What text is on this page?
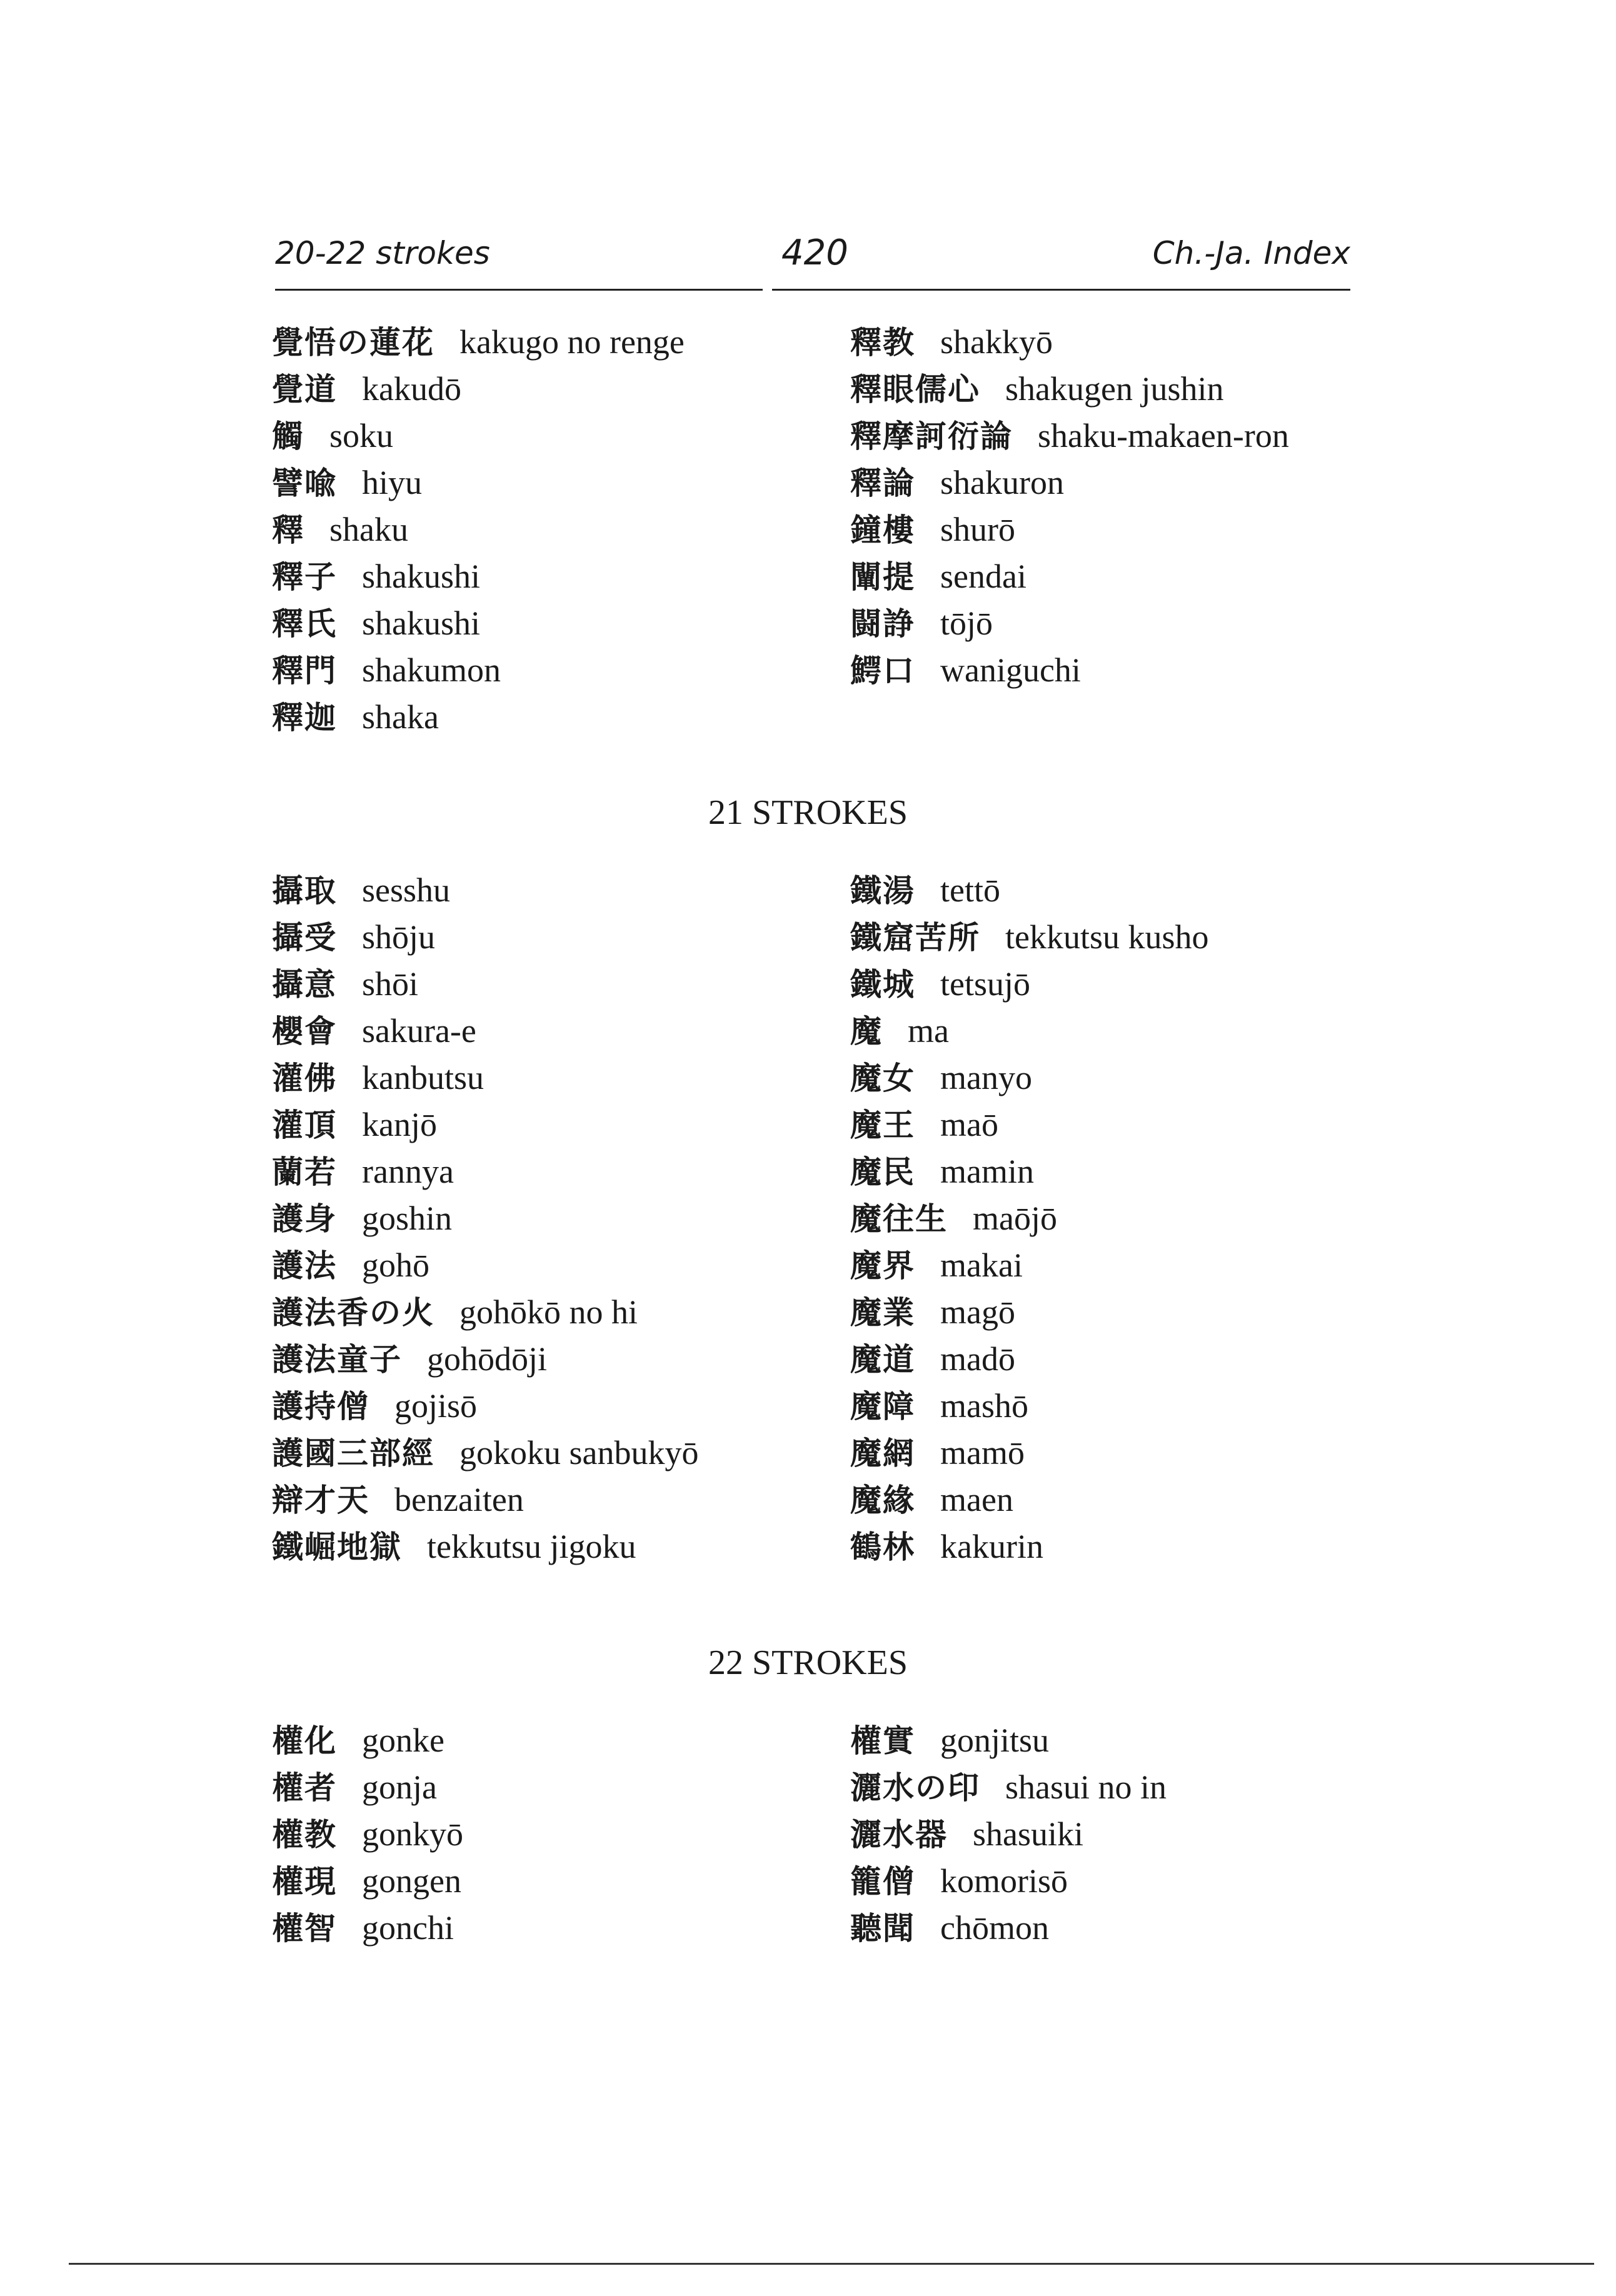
20-22 strokes	420	Ch.-Ja. Index
覺悟の蓮花 kakugo no renge
覺道 kakudō
觸 soku
譬喩 hiyu
釋 shaku
釋子 shakushi
釋氏 shakushi
釋門 shakumon
釋迦 shaka
釋教 shakkyō
釋眼儒心 shakugen jushin
釋摩訶衍論 shaku-makaen-ron
釋論 shakuron
鐘樓 shurō
闡提 sendai
闘諍 tōjō
鰐口 waniguchi
21 STROKES
攝取 sesshu
攝受 shōju
攝意 shōi
櫻會 sakura-e
灌佛 kanbutsu
灌頂 kanjō
蘭若 rannya
護身 goshin
護法 gohō
護法香の火 gohōkō no hi
護法童子 gohōdōji
護持僧 gojisō
護國三部經 gokoku sanbukyō
辯才天 benzaiten
鐵崛地獄 tekkutsu jigoku
鐵湯 tettō
鐵窟苦所 tekkutsu kusho
鐵城 tetsujō
魔 ma
魔女 manyo
魔王 maō
魔民 mamin
魔往生 maōjō
魔界 makai
魔業 magō
魔道 madō
魔障 mashō
魔網 mamō
魔緣 maen
鶴林 kakurin
22 STROKES
權化 gonke
權者 gonja
權教 gonkyō
權現 gongen
權智 gonchi
權實 gonjitsu
灑水の印 shasui no in
灑水器 shasuiki
籠僧 komorisō
聽聞 chōmon
